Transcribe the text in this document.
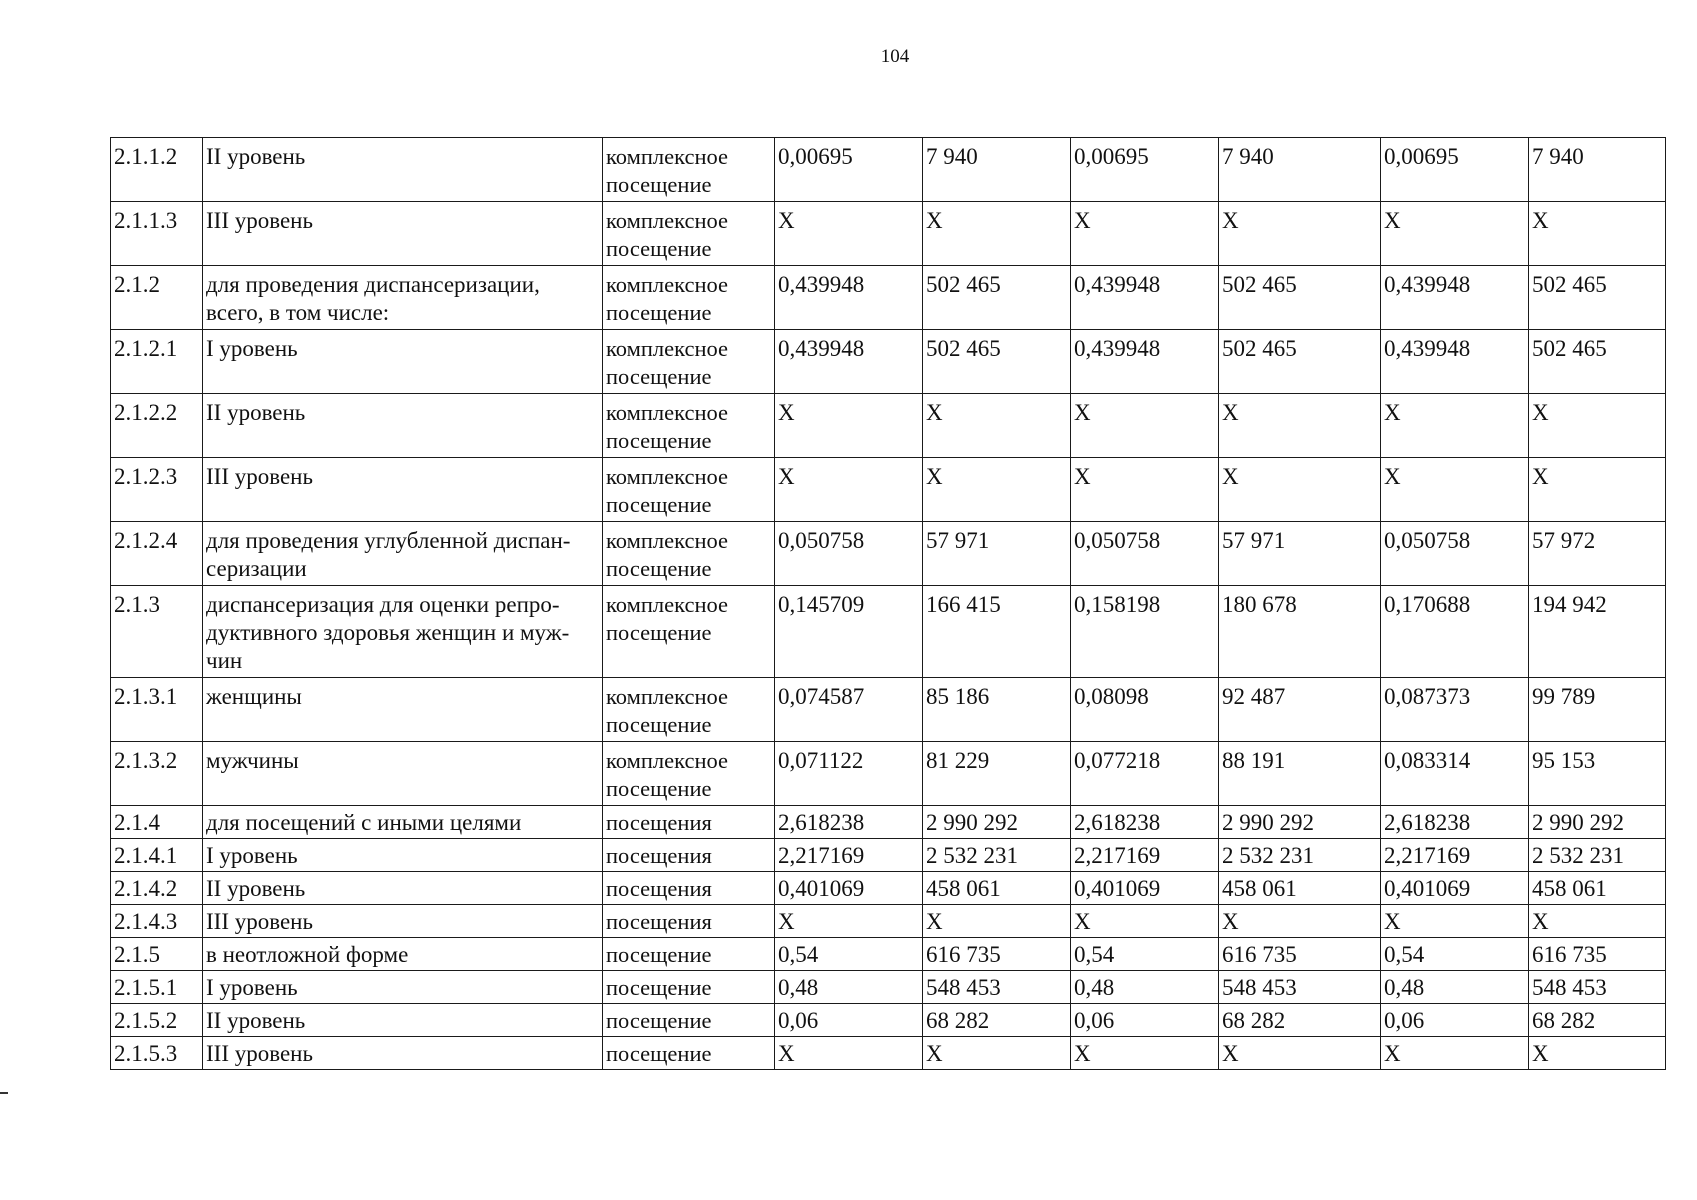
104
2.1.1.2	II уровень	комплексное посещение	0,00695	7 940	0,00695	7 940	0,00695	7 940
2.1.1.3	III уровень	комплексное посещение	X	X	X	X	X	X
2.1.2	для проведения диспансеризации, всего, в том числе:	комплексное посещение	0,439948	502 465	0,439948	502 465	0,439948	502 465
2.1.2.1	I уровень	комплексное посещение	0,439948	502 465	0,439948	502 465	0,439948	502 465
2.1.2.2	II уровень	комплексное посещение	X	X	X	X	X	X
2.1.2.3	III уровень	комплексное посещение	X	X	X	X	X	X
2.1.2.4	для проведения углубленной диспан-серизации	комплексное посещение	0,050758	57 971	0,050758	57 971	0,050758	57 972
2.1.3	диспансеризация для оценки репро-дуктивного здоровья женщин и муж-чин	комплексное посещение	0,145709	166 415	0,158198	180 678	0,170688	194 942
2.1.3.1	женщины	комплексное посещение	0,074587	85 186	0,08098	92 487	0,087373	99 789
2.1.3.2	мужчины	комплексное посещение	0,071122	81 229	0,077218	88 191	0,083314	95 153
2.1.4	для посещений с иными целями	посещения	2,618238	2 990 292	2,618238	2 990 292	2,618238	2 990 292
2.1.4.1	I уровень	посещения	2,217169	2 532 231	2,217169	2 532 231	2,217169	2 532 231
2.1.4.2	II уровень	посещения	0,401069	458 061	0,401069	458 061	0,401069	458 061
2.1.4.3	III уровень	посещения	X	X	X	X	X	X
2.1.5	в неотложной форме	посещение	0,54	616 735	0,54	616 735	0,54	616 735
2.1.5.1	I уровень	посещение	0,48	548 453	0,48	548 453	0,48	548 453
2.1.5.2	II уровень	посещение	0,06	68 282	0,06	68 282	0,06	68 282
2.1.5.3	III уровень	посещение	X	X	X	X	X	X
